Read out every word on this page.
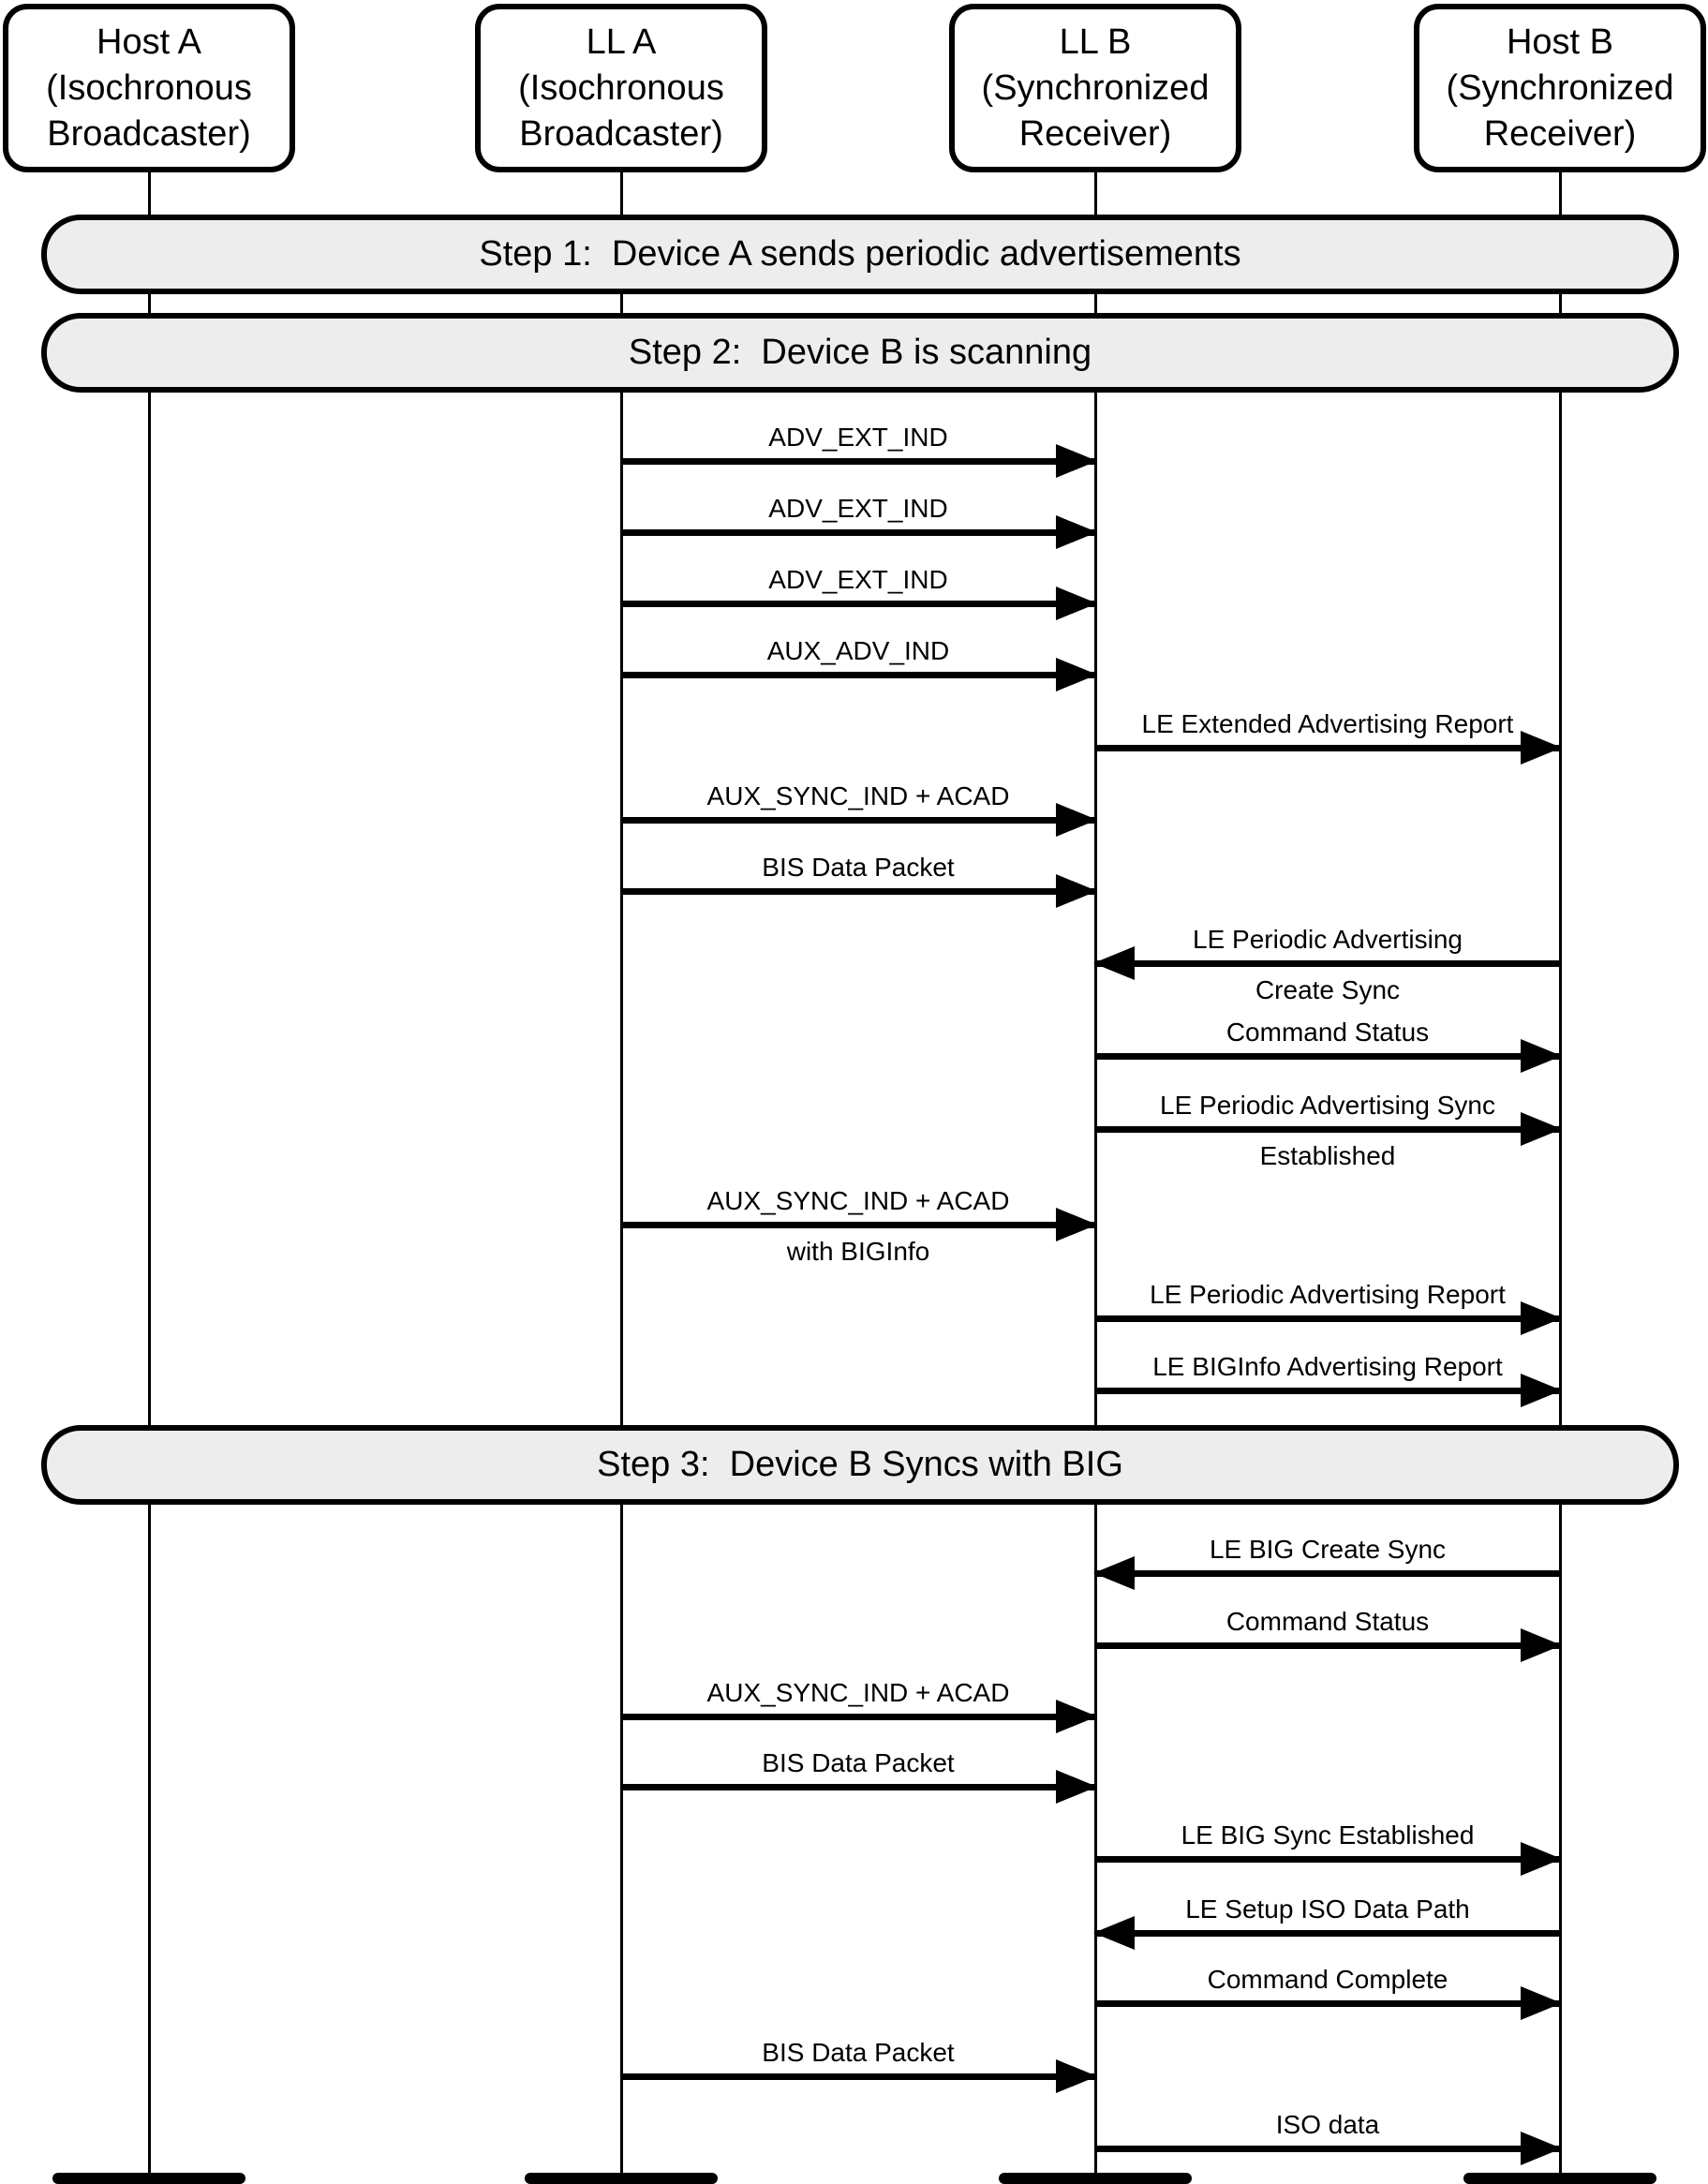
Step 1:  Device A sends periodic advertisements
Step 2:  Device B is scanning
Step 3:  Device B Syncs with BIG
Host A
(Isochronous
Broadcaster)
LL A
(Isochronous
Broadcaster)
LL B
(Synchronized
Receiver)
Host B
(Synchronized
Receiver)
ADV_EXT_IND
ADV_EXT_IND
ADV_EXT_IND
AUX_ADV_IND
LE Extended Advertising Report
AUX_SYNC_IND + ACAD
BIS Data Packet
LE Periodic Advertising
Create Sync
Command Status
LE Periodic Advertising Sync
Established
AUX_SYNC_IND + ACAD
with BIGInfo
LE Periodic Advertising Report
LE BIGInfo Advertising Report
LE BIG Create Sync
Command Status
AUX_SYNC_IND + ACAD
BIS Data Packet
LE BIG Sync Established
LE Setup ISO Data Path
Command Complete
BIS Data Packet
ISO data
